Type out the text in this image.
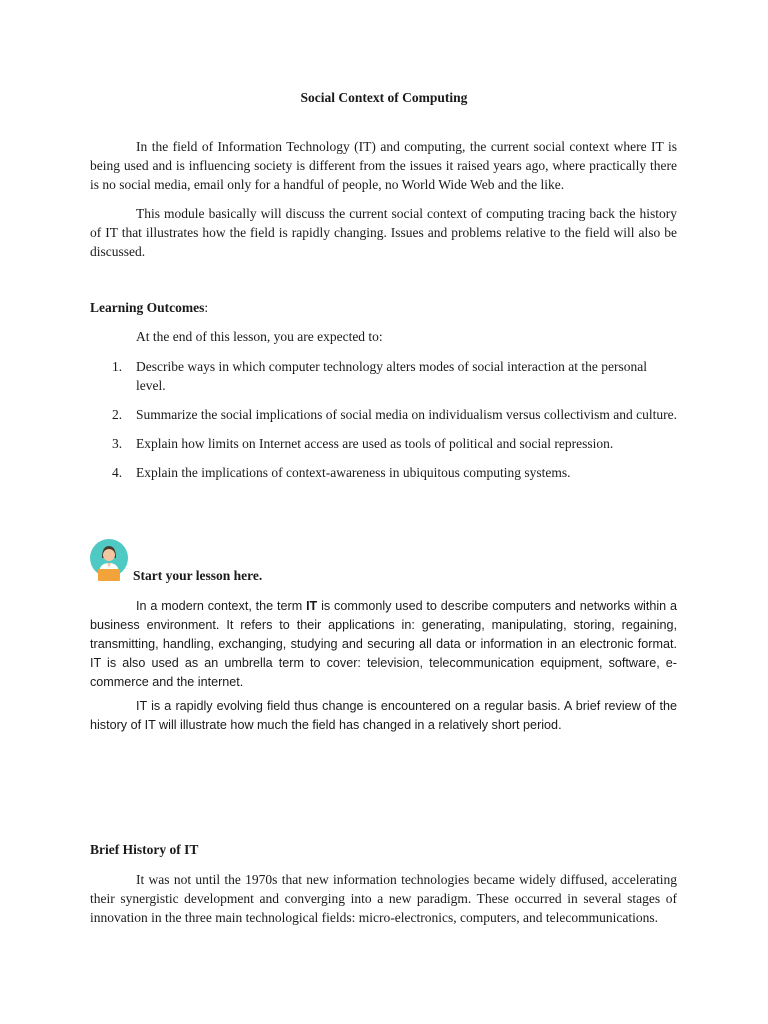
Social Context of Computing

In the field of Information Technology (IT) and computing, the current social context where IT is being used and is influencing society is different from the issues it raised years ago, where practically there is no social media, email only for a handful of people, no World Wide Web and the like.

This module basically will discuss the current social context of computing tracing back the history of IT that illustrates how the field is rapidly changing. Issues and problems relative to the field will also be discussed.

Learning Outcomes:
At the end of this lesson, you are expected to:
1. Describe ways in which computer technology alters modes of social interaction at the personal level.
2. Summarize the social implications of social media on individualism versus collectivism and culture.
3. Explain how limits on Internet access are used as tools of political and social repression.
4. Explain the implications of context-awareness in ubiquitous computing systems.
Start your lesson here.

In a modern context, the term IT is commonly used to describe computers and networks within a business environment. It refers to their applications in: generating, manipulating, storing, regaining, transmitting, handling, exchanging, studying and securing all data or information in an electronic format. IT is also used as an umbrella term to cover: television, telecommunication equipment, software, e-commerce and the internet.

IT is a rapidly evolving field thus change is encountered on a regular basis. A brief review of the history of IT will illustrate how much the field has changed in a relatively short period.

Brief History of IT

It was not until the 1970s that new information technologies became widely diffused, accelerating their synergistic development and converging into a new paradigm. These occurred in several stages of innovation in the three main technological fields: micro-electronics, computers, and telecommunications.
